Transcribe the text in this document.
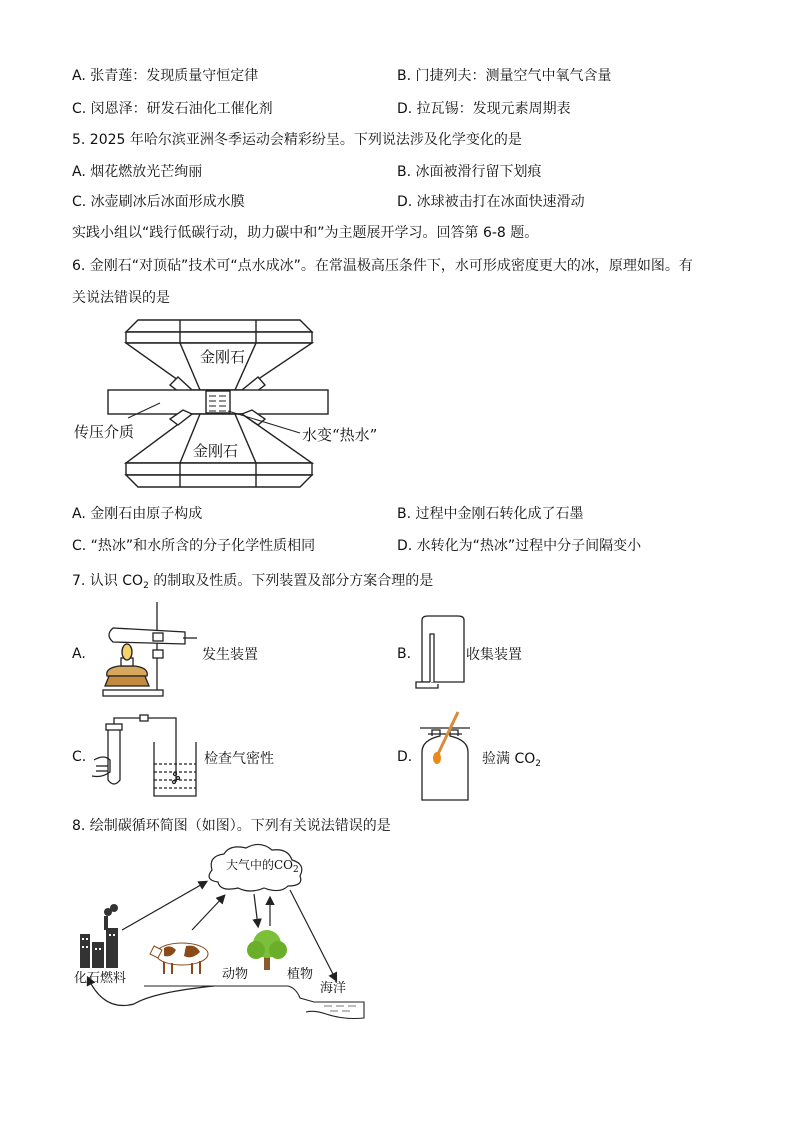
A. 张青莲：发现质量守恒定律	B. 门捷列夫：测量空气中氧气含量
C. 闵恩泽：研发石油化工催化剂	D. 拉瓦锡：发现元素周期表
5. 2025 年哈尔滨亚洲冬季运动会精彩纷呈。下列说法涉及化学变化的是
A. 烟花燃放光芒绚丽	B. 冰面被滑行留下划痕
C. 冰壶刷冰后冰面形成水膜	D. 冰球被击打在冰面快速滑动
实践小组以“践行低碳行动，助力碳中和”为主题展开学习。回答第 6-8 题。
6. 金刚石“对顶砧”技术可“点水成冰”。在常温极高压条件下，水可形成密度更大的冰，原理如图。有
关说法错误的是
金刚石
金刚石
传压介质	水变“热水”
A. 金刚石由原子构成	B. 过程中金刚石转化成了石墨
C. “热冰”和水所含的分子化学性质相同	D. 水转化为“热冰”过程中分子间隔变小
7. 认识 $CO_2$ 的制取及性质。下列装置及部分方案合理的是
A.	发生装置	B.	收集装置
C.	检查气密性	D.	验满 $CO_2$
8. 绘制碳循环简图（如图）。下列有关说法错误的是
大气中的$CO_2$
化石燃料	动物	植物
海洋
